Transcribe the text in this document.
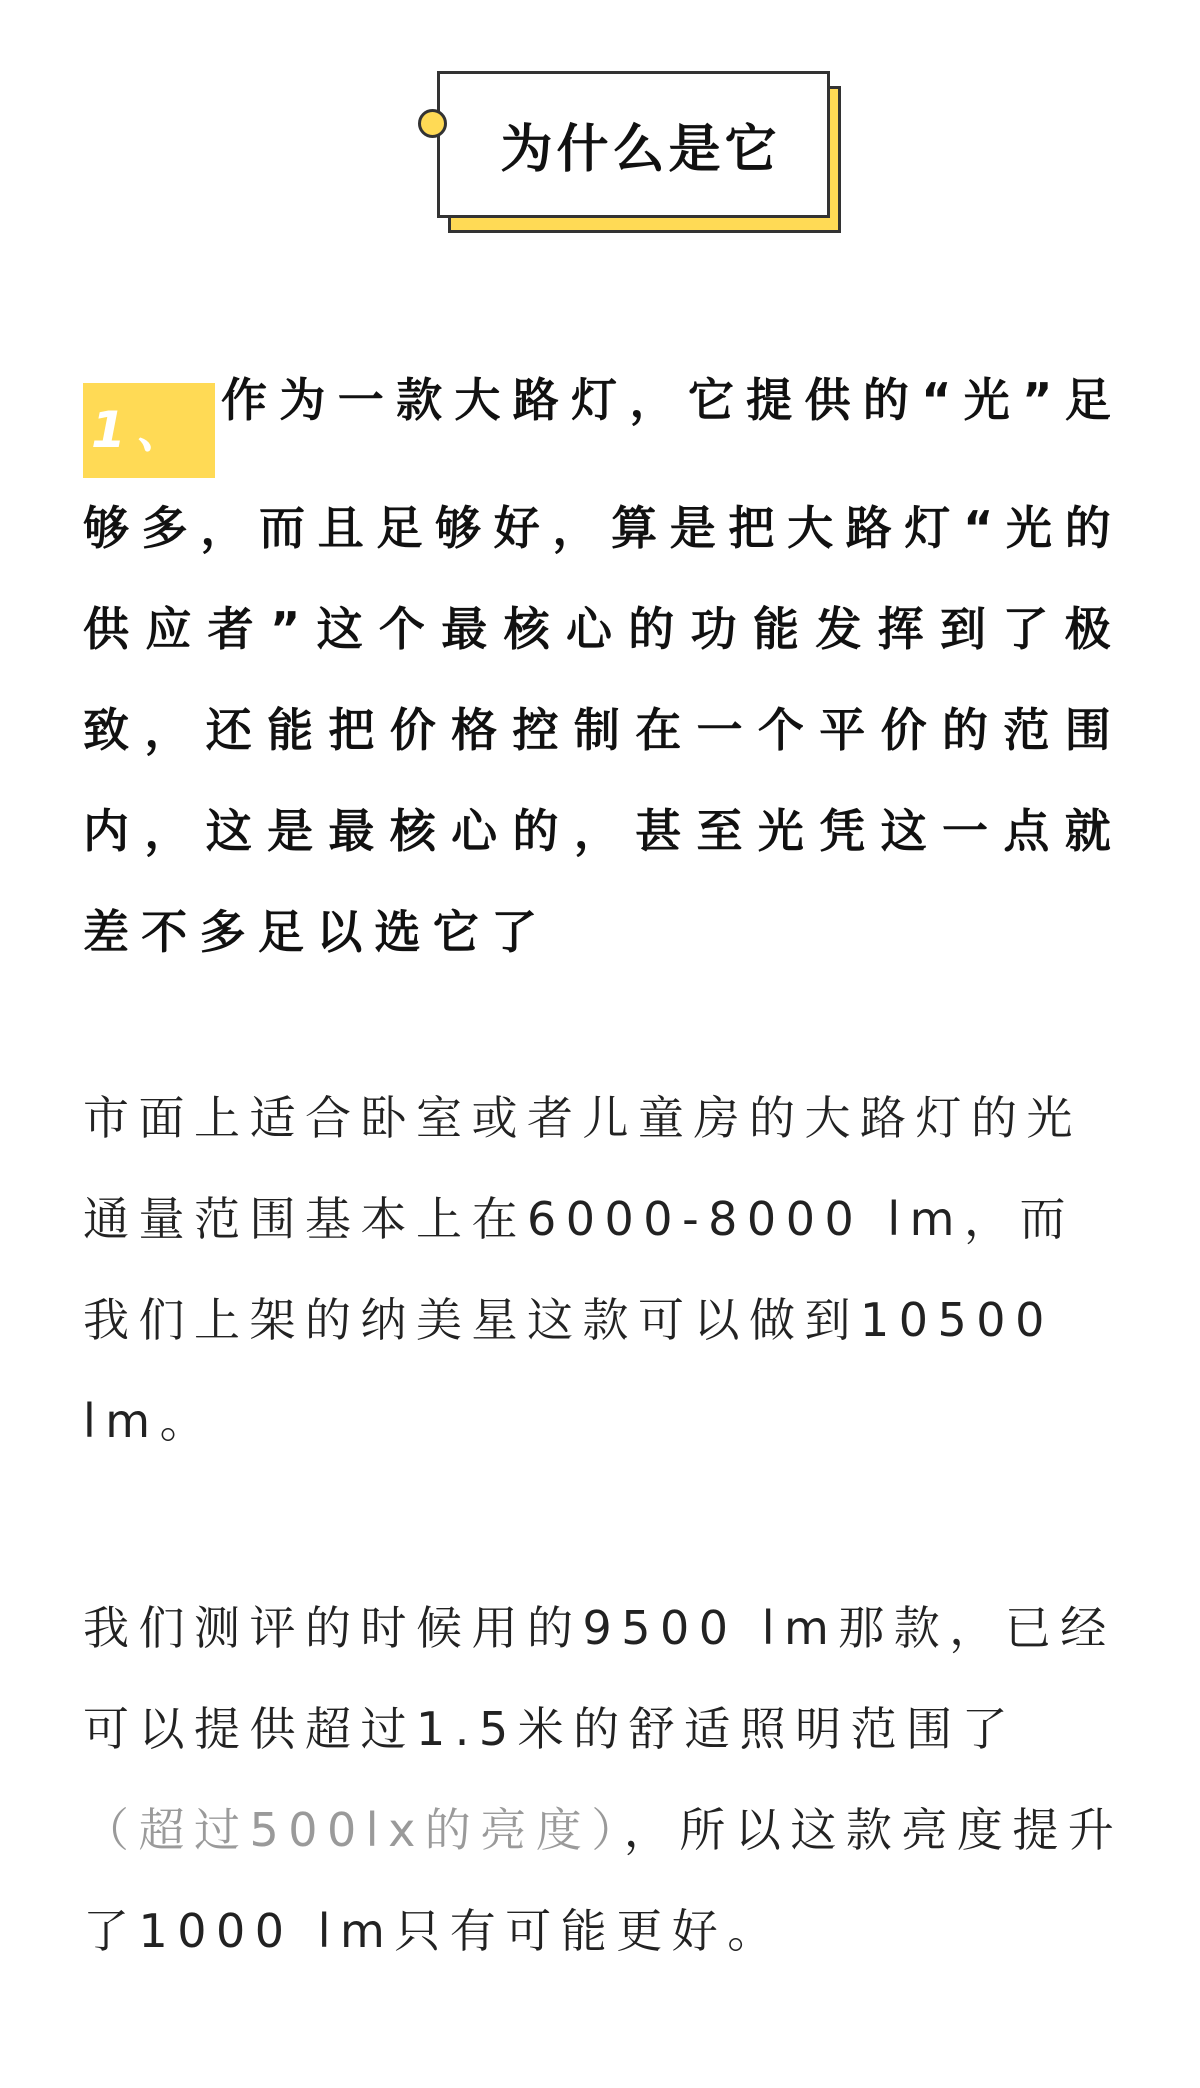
为什么是它

1、作为一款大路灯，它提供的“光”足够多，而且足够好，算是把大路灯“光的供应者”这个最核心的功能发挥到了极致，还能把价格控制在一个平价的范围内，这是最核心的，甚至光凭这一点就差不多足以选它了

市面上适合卧室或者儿童房的大路灯的光通量范围基本上在6000-8000 lm，而我们上架的纳美星这款可以做到10500 lm。

我们测评的时候用的9500 lm那款，已经可以提供超过1.5米的舒适照明范围了（超过500lx的亮度），所以这款亮度提升了1000 lm只有可能更好。
